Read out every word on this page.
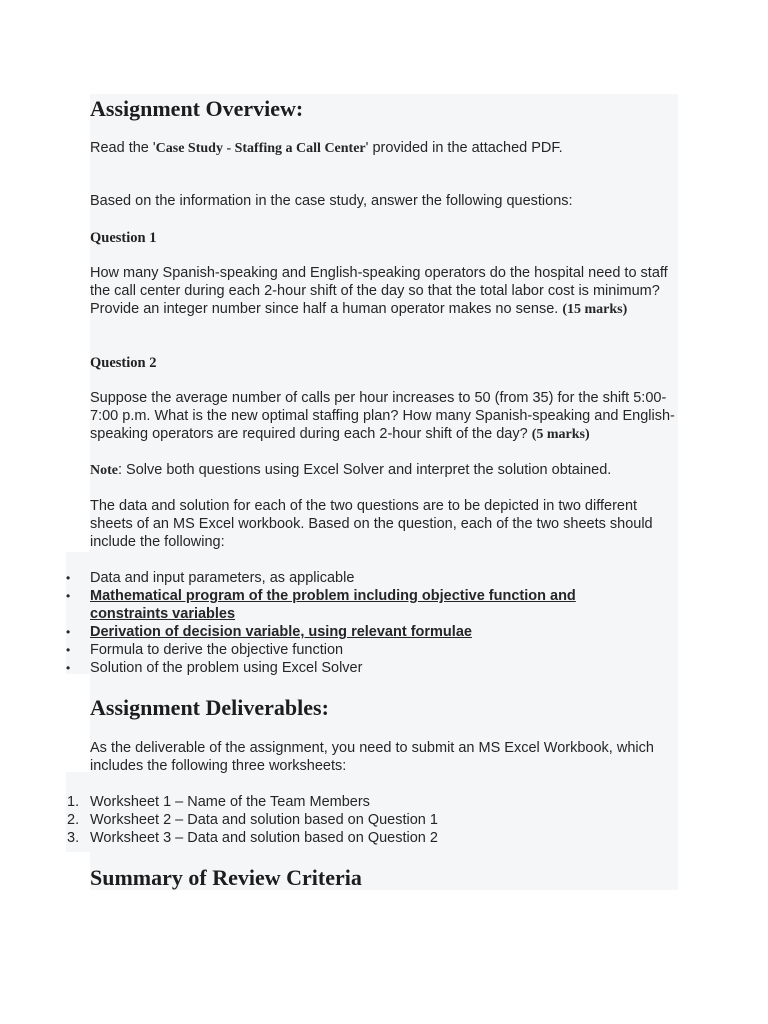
Assignment Overview:

Read the 'Case Study - Staffing a Call Center' provided in the attached PDF.

Based on the information in the case study, answer the following questions:

Question 1

How many Spanish-speaking and English-speaking operators do the hospital need to staff the call center during each 2-hour shift of the day so that the total labor cost is minimum? Provide an integer number since half a human operator makes no sense. (15 marks)

Question 2

Suppose the average number of calls per hour increases to 50 (from 35) for the shift 5:00-7:00 p.m. What is the new optimal staffing plan? How many Spanish-speaking and English-speaking operators are required during each 2-hour shift of the day? (5 marks)

Note: Solve both questions using Excel Solver and interpret the solution obtained.

The data and solution for each of the two questions are to be depicted in two different sheets of an MS Excel workbook. Based on the question, each of the two sheets should include the following:

• Data and input parameters, as applicable
• Mathematical program of the problem including objective function and constraints variables
• Derivation of decision variable, using relevant formulae
• Formula to derive the objective function
• Solution of the problem using Excel Solver
Assignment Deliverables:

As the deliverable of the assignment, you need to submit an MS Excel Workbook, which includes the following three worksheets:

1. Worksheet 1 – Name of the Team Members
2. Worksheet 2 – Data and solution based on Question 1
3. Worksheet 3 – Data and solution based on Question 2
Summary of Review Criteria
